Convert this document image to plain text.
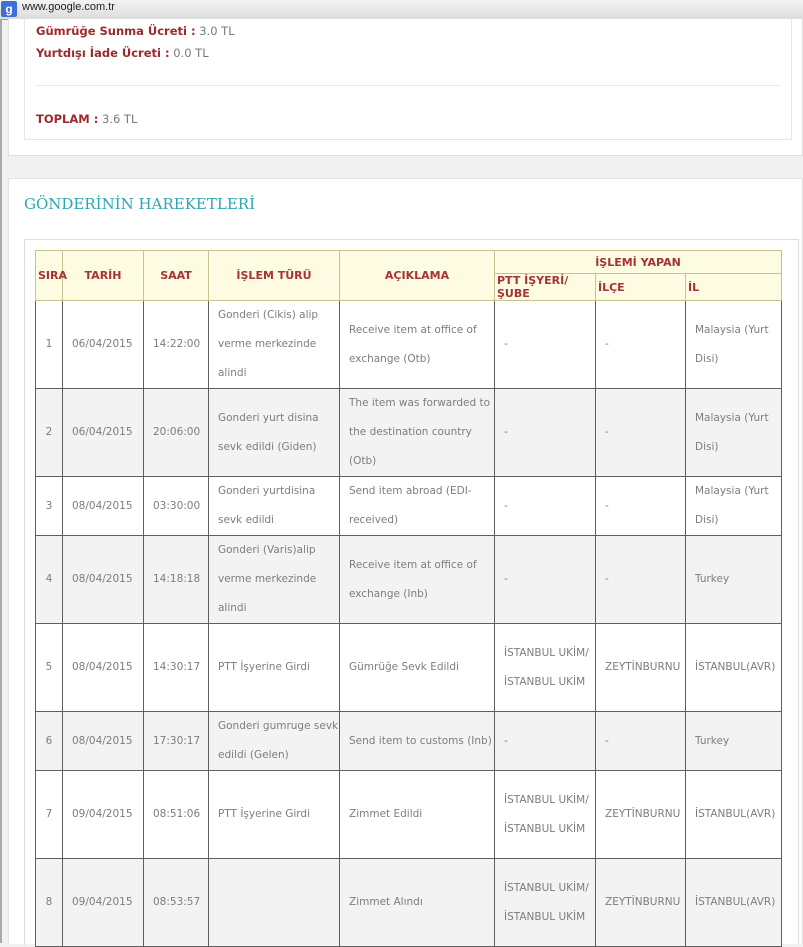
g www.google.com.tr
Gümrüğe Sunma Ücreti : 3.0 TL
Yurtdışı İade Ücreti : 0.0 TL
TOPLAM : 3.6 TL
GÖNDERİNİN HAREKETLERİ
SIRA	TARİH	SAAT	İŞLEM TÜRÜ	AÇIKLAMA	İŞLEMİ YAPAN		
					PTT İŞYERİ/ŞUBE	İLÇE	İL
1	06/04/2015	14:22:00	Gonderi (Cikis) alip verme merkezinde alindi	Receive item at office of exchange (Otb)	-	-	Malaysia (Yurt Disi)
2	06/04/2015	20:06:00	Gonderi yurt disina sevk edildi (Giden)	The item was forwarded to the destination country (Otb)	-	-	Malaysia (Yurt Disi)
3	08/04/2015	03:30:00	Gonderi yurtdisina sevk edildi	Send item abroad (EDI-received)	-	-	Malaysia (Yurt Disi)
4	08/04/2015	14:18:18	Gonderi (Varis)alip verme merkezinde alindi	Receive item at office of exchange (Inb)	-	-	Turkey
5	08/04/2015	14:30:17	PTT İşyerine Girdi	Gümrüğe Sevk Edildi	İSTANBUL UKİM/İSTANBUL UKİM	ZEYTİNBURNU	İSTANBUL(AVR)
6	08/04/2015	17:30:17	Gonderi gumruge sevk edildi (Gelen)	Send item to customs (Inb)	-	-	Turkey
7	09/04/2015	08:51:06	PTT İşyerine Girdi	Zimmet Edildi	İSTANBUL UKİM/İSTANBUL UKİM	ZEYTİNBURNU	İSTANBUL(AVR)
8	09/04/2015	08:53:57		Zimmet Alındı	İSTANBUL UKİM/İSTANBUL UKİM	ZEYTİNBURNU	İSTANBUL(AVR)
